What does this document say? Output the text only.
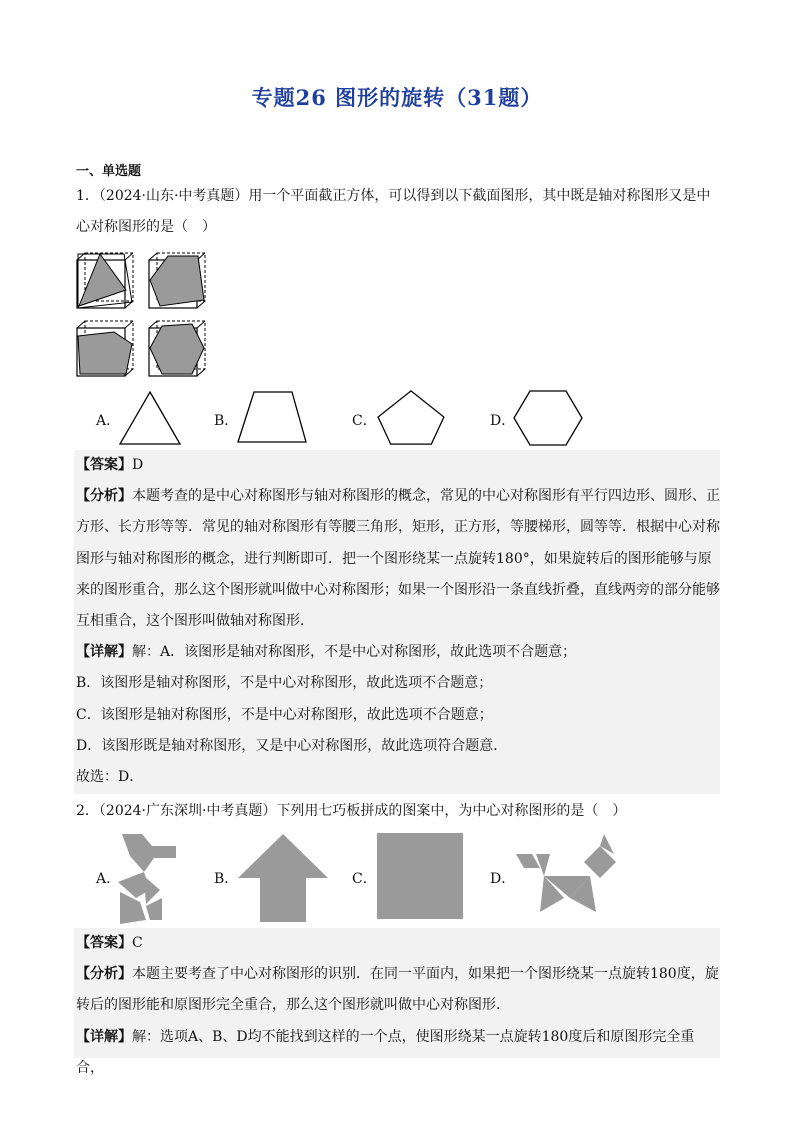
专题26 图形的旋转（31题）
一、单选题

1．（2024·山东·中考真题）用一个平面截正方体，可以得到以下截面图形，其中既是轴对称图形又是中心对称图形的是（　）

A．	B．	C．	D．

【答案】D

【分析】本题考查的是中心对称图形与轴对称图形的概念，常见的中心对称图形有平行四边形、圆形、正方形、长方形等等．常见的轴对称图形有等腰三角形，矩形，正方形，等腰梯形，圆等等．根据中心对称图形与轴对称图形的概念，进行判断即可．把一个图形绕某一点旋转180°，如果旋转后的图形能够与原来的图形重合，那么这个图形就叫做中心对称图形；如果一个图形沿一条直线折叠，直线两旁的部分能够互相重合，这个图形叫做轴对称图形．

【详解】解：A．该图形是轴对称图形，不是中心对称图形，故此选项不合题意；

B．该图形是轴对称图形，不是中心对称图形，故此选项不合题意；

C．该图形是轴对称图形，不是中心对称图形，故此选项不合题意；

D．该图形既是轴对称图形，又是中心对称图形，故此选项符合题意．

故选：D．

2．（2024·广东深圳·中考真题）下列用七巧板拼成的图案中，为中心对称图形的是（　）

A．	B．	C．	D．

【答案】C

【分析】本题主要考查了中心对称图形的识别．在同一平面内，如果把一个图形绕某一点旋转180度，旋转后的图形能和原图形完全重合，那么这个图形就叫做中心对称图形．

【详解】解：选项A、B、D均不能找到这样的一个点，使图形绕某一点旋转180度后和原图形完全重合，
